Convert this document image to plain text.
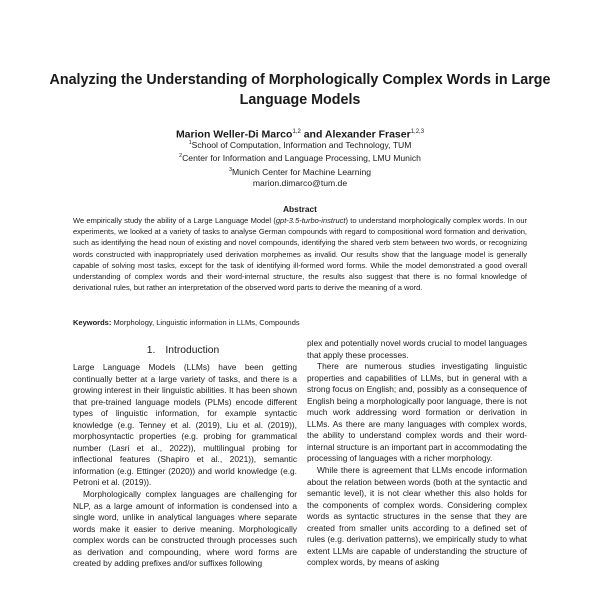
Analyzing the Understanding of Morphologically Complex Words in Large Language Models
Marion Weller-Di Marco$^{1,2}$ and Alexander Fraser$^{1,2,3}$
$^1$School of Computation, Information and Technology, TUM
$^2$Center for Information and Language Processing, LMU Munich
$^3$Munich Center for Machine Learning
marion.dimarco@tum.de
Abstract

We empirically study the ability of a Large Language Model (gpt-3.5-turbo-instruct) to understand morphologically complex words. In our experiments, we looked at a variety of tasks to analyse German compounds with regard to compositional word formation and derivation, such as identifying the head noun of existing and novel compounds, identifying the shared verb stem between two words, or recognizing words constructed with inappropriately used derivation morphemes as invalid. Our results show that the language model is generally capable of solving most tasks, except for the task of identifying ill-formed word forms. While the model demonstrated a good overall understanding of complex words and their word-internal structure, the results also suggest that there is no formal knowledge of derivational rules, but rather an interpretation of the observed word parts to derive the meaning of a word.

Keywords: Morphology, Linguistic information in LLMs, Compounds
1. Introduction

Large Language Models (LLMs) have been getting continually better at a large variety of tasks, and there is a growing interest in their linguistic abilities. It has been shown that pre-trained language models (PLMs) encode different types of linguistic information, for example syntactic knowledge (e.g. Tenney et al. (2019), Liu et al. (2019)), morphosyntactic properties (e.g. probing for grammatical number (Lasri et al., 2022)), multilingual probing for inflectional features (Shapiro et al., 2021)), semantic information (e.g. Ettinger (2020)) and world knowledge (e.g. Petroni et al. (2019)).

Morphologically complex languages are challenging for NLP, as a large amount of information is condensed into a single word, unlike in analytical languages where separate words make it easier to derive meaning. Morphologically complex words can be constructed through processes such as derivation and compounding, where word forms are created by adding prefixes and/or suffixes following

plex and potentially novel words crucial to model languages that apply these processes.

There are numerous studies investigating linguistic properties and capabilities of LLMs, but in general with a strong focus on English; and, possibly as a consequence of English being a morphologically poor language, there is not much work addressing word formation or derivation in LLMs. As there are many languages with complex words, the ability to understand complex words and their word-internal structure is an important part in accommodating the processing of languages with a richer morphology.

While there is agreement that LLMs encode information about the relation between words (both at the syntactic and semantic level), it is not clear whether this also holds for the components of complex words. Considering complex words as syntactic structures in the sense that they are created from smaller units according to a defined set of rules (e.g. derivation patterns), we empirically study to what extent LLMs are capable of understanding the structure of complex words, by means of asking
